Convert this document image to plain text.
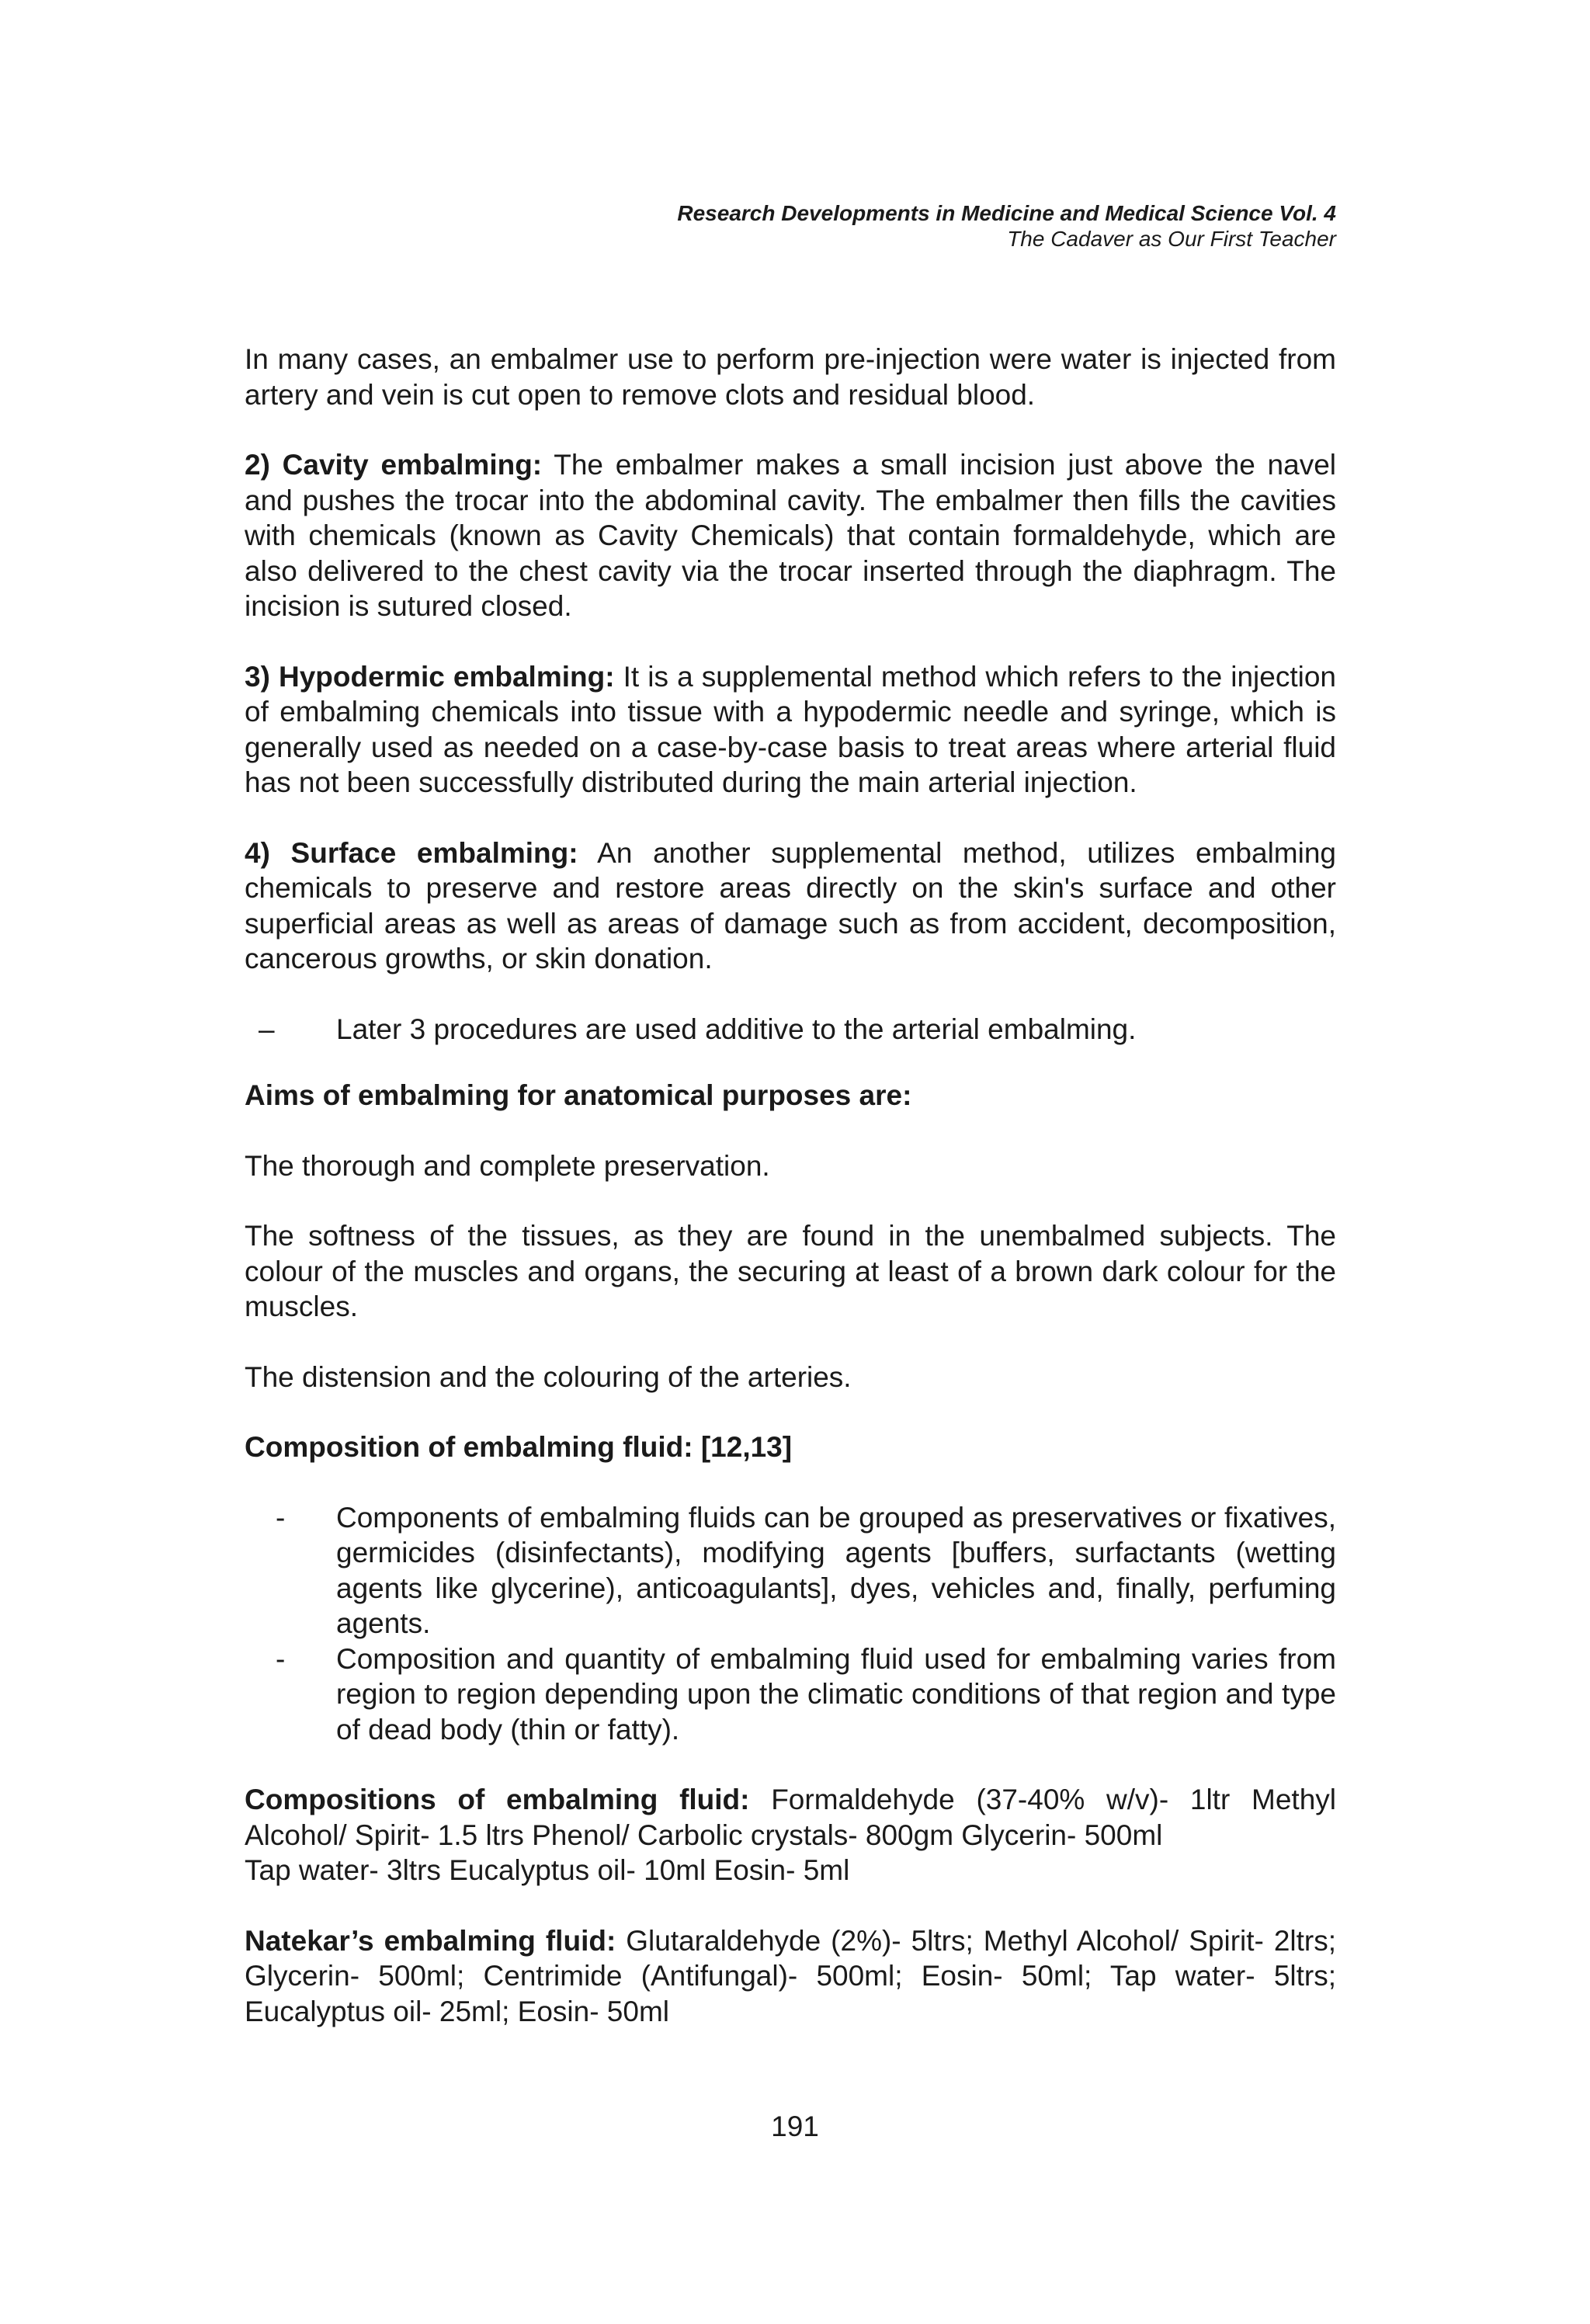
Research Developments in Medicine and Medical Science Vol. 4
The Cadaver as Our First Teacher

In many cases, an embalmer use to perform pre-injection were water is injected from artery and vein is cut open to remove clots and residual blood.

2) Cavity embalming: The embalmer makes a small incision just above the navel and pushes the trocar into the abdominal cavity. The embalmer then fills the cavities with chemicals (known as Cavity Chemicals) that contain formaldehyde, which are also delivered to the chest cavity via the trocar inserted through the diaphragm. The incision is sutured closed.

3) Hypodermic embalming: It is a supplemental method which refers to the injection of embalming chemicals into tissue with a hypodermic needle and syringe, which is generally used as needed on a case-by-case basis to treat areas where arterial fluid has not been successfully distributed during the main arterial injection.

4) Surface embalming: An another supplemental method, utilizes embalming chemicals to preserve and restore areas directly on the skin's surface and other superficial areas as well as areas of damage such as from accident, decomposition, cancerous growths, or skin donation.

–	Later 3 procedures are used additive to the arterial embalming.

Aims of embalming for anatomical purposes are:

The thorough and complete preservation.

The softness of the tissues, as they are found in the unembalmed subjects. The colour of the muscles and organs, the securing at least of a brown dark colour for the muscles.

The distension and the colouring of the arteries.

Composition of embalming fluid: [12,13]

-	Components of embalming fluids can be grouped as preservatives or fixatives, germicides (disinfectants), modifying agents [buffers, surfactants (wetting agents like glycerine), anticoagulants], dyes, vehicles and, finally, perfuming agents.
-	Composition and quantity of embalming fluid used for embalming varies from region to region depending upon the climatic conditions of that region and type of dead body (thin or fatty).

Compositions of embalming fluid: Formaldehyde (37-40% w/v)- 1ltr Methyl Alcohol/ Spirit- 1.5 ltrs Phenol/ Carbolic crystals- 800gm Glycerin- 500ml
Tap water- 3ltrs Eucalyptus oil- 10ml Eosin- 5ml

Natekar’s embalming fluid: Glutaraldehyde (2%)- 5ltrs; Methyl Alcohol/ Spirit- 2ltrs; Glycerin- 500ml; Centrimide (Antifungal)- 500ml; Eosin- 50ml; Tap water- 5ltrs; Eucalyptus oil- 25ml; Eosin- 50ml

191
